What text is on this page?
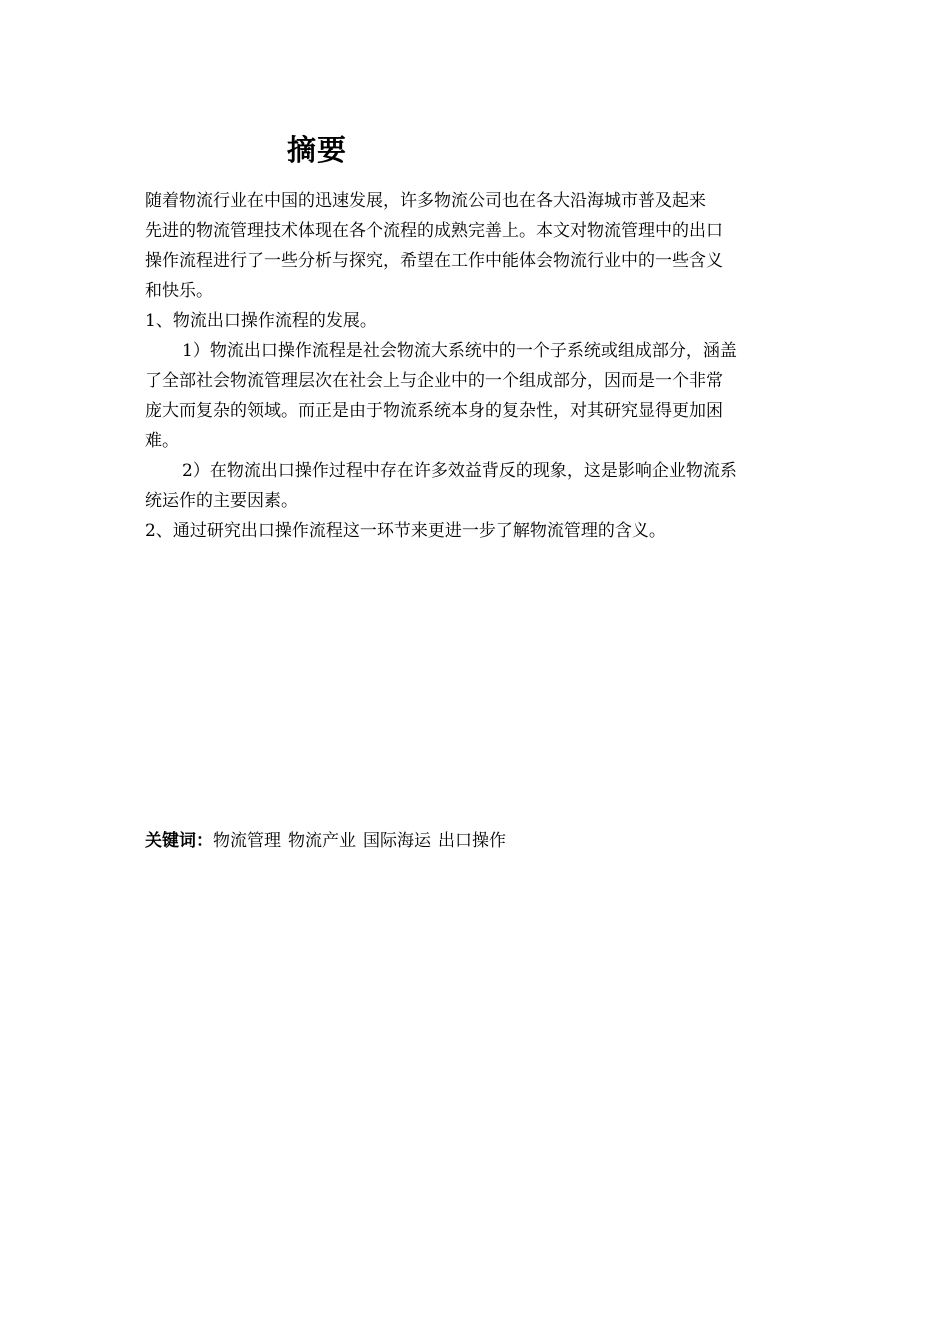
摘要
随着物流行业在中国的迅速发展，许多物流公司也在各大沿海城市普及起来
先进的物流管理技术体现在各个流程的成熟完善上。本文对物流管理中的出口
操作流程进行了一些分析与探究，希望在工作中能体会物流行业中的一些含义
和快乐。
1、物流出口操作流程的发展。
1）物流出口操作流程是社会物流大系统中的一个子系统或组成部分，涵盖
了全部社会物流管理层次在社会上与企业中的一个组成部分，因而是一个非常
庞大而复杂的领域。而正是由于物流系统本身的复杂性，对其研究显得更加困
难。
2）在物流出口操作过程中存在许多效益背反的现象，这是影响企业物流系
统运作的主要因素。
2、通过研究出口操作流程这一环节来更进一步了解物流管理的含义。
关键词：物流管理 物流产业 国际海运 出口操作
